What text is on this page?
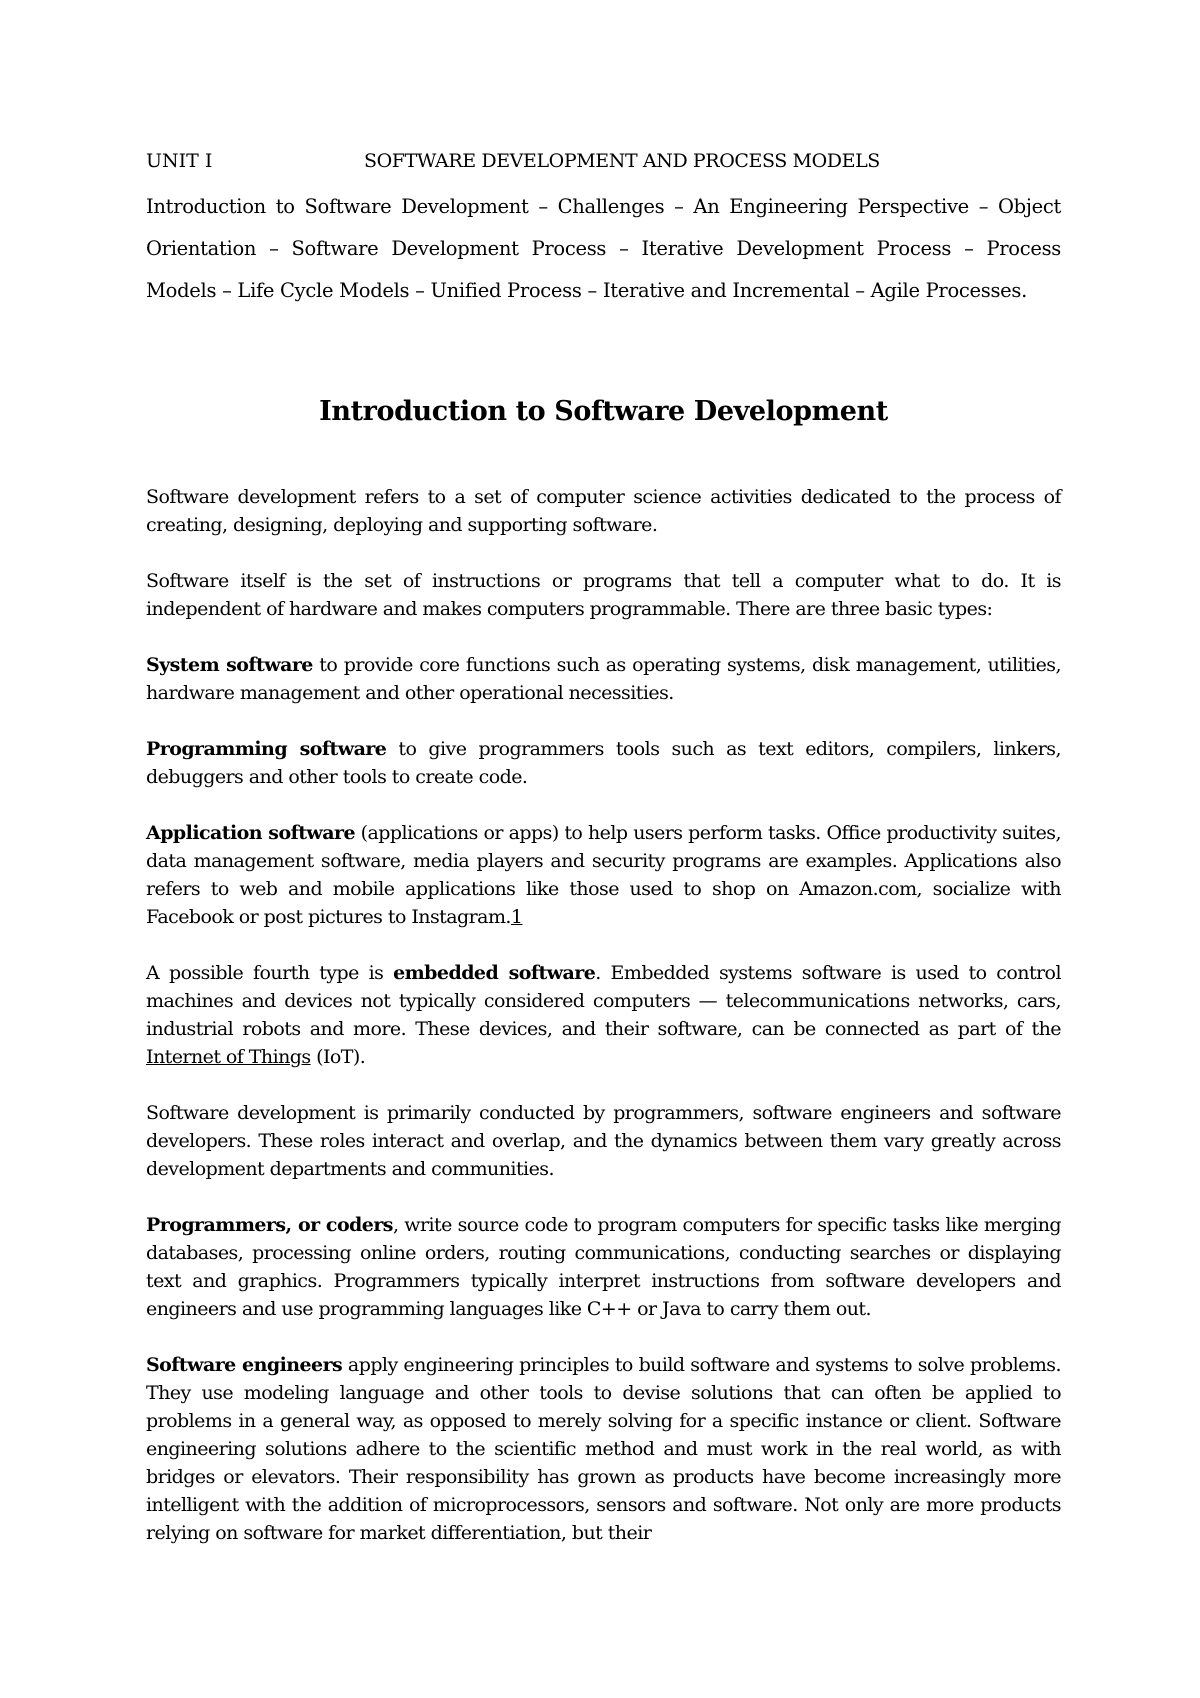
UNIT I	SOFTWARE DEVELOPMENT AND PROCESS MODELS

Introduction to Software Development – Challenges – An Engineering Perspective – Object Orientation – Software Development Process – Iterative Development Process – Process Models – Life Cycle Models – Unified Process – Iterative and Incremental – Agile Processes.

Introduction to Software Development

Software development refers to a set of computer science activities dedicated to the process of creating, designing, deploying and supporting software.

Software itself is the set of instructions or programs that tell a computer what to do. It is independent of hardware and makes computers programmable. There are three basic types:

System software to provide core functions such as operating systems, disk management, utilities, hardware management and other operational necessities.

Programming software to give programmers tools such as text editors, compilers, linkers, debuggers and other tools to create code.

Application software (applications or apps) to help users perform tasks. Office productivity suites, data management software, media players and security programs are examples. Applications also refers to web and mobile applications like those used to shop on Amazon.com, socialize with Facebook or post pictures to Instagram.1

A possible fourth type is embedded software. Embedded systems software is used to control machines and devices not typically considered computers — telecommunications networks, cars, industrial robots and more. These devices, and their software, can be connected as part of the Internet of Things (IoT).

Software development is primarily conducted by programmers, software engineers and software developers. These roles interact and overlap, and the dynamics between them vary greatly across development departments and communities.

Programmers, or coders, write source code to program computers for specific tasks like merging databases, processing online orders, routing communications, conducting searches or displaying text and graphics. Programmers typically interpret instructions from software developers and engineers and use programming languages like C++ or Java to carry them out.

Software engineers apply engineering principles to build software and systems to solve problems. They use modeling language and other tools to devise solutions that can often be applied to problems in a general way, as opposed to merely solving for a specific instance or client. Software engineering solutions adhere to the scientific method and must work in the real world, as with bridges or elevators. Their responsibility has grown as products have become increasingly more intelligent with the addition of microprocessors, sensors and software. Not only are more products relying on software for market differentiation, but their
